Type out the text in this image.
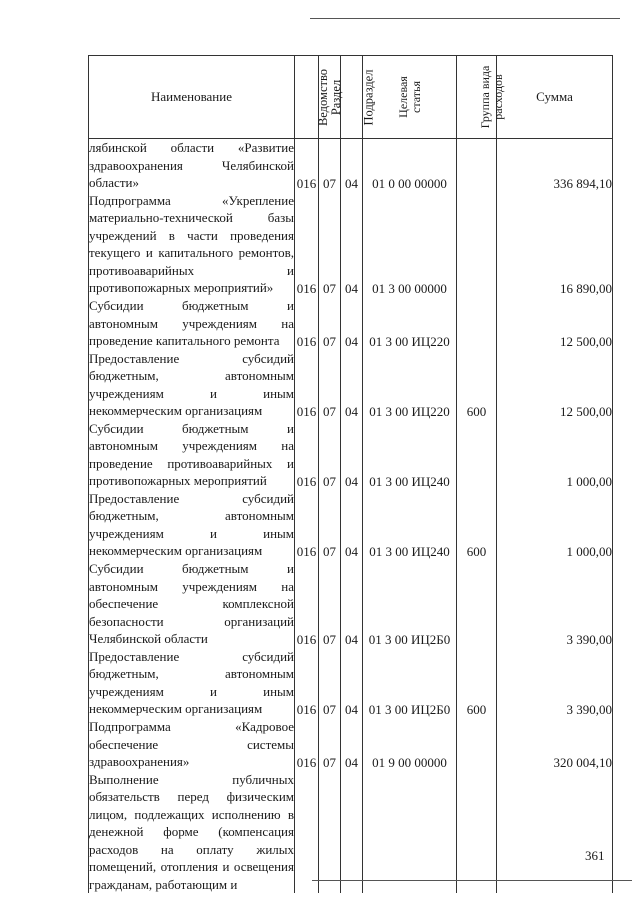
Наименование	Ведомство	Раздел	Подраздел	Целевая статья	Группа вида расходов	Сумма
лябинской области «Развитие здравоохранения Челябинской области»	016	07	04	01 0 00 00000		336 894,10
Подпрограмма «Укрепление материально-технической базы учреждений в части проведения текущего и капитального ремонтов, противоаварийных и противопожарных мероприятий»	016	07	04	01 3 00 00000		16 890,00
Субсидии бюджетным и автономным учреждениям на проведение капитального ремонта	016	07	04	01 3 00 ИЦ220		12 500,00
Предоставление субсидий бюджетным, автономным учреждениям и иным некоммерческим организациям	016	07	04	01 3 00 ИЦ220	600	12 500,00
Субсидии бюджетным и автономным учреждениям на проведение противоаварийных и противопожарных мероприятий	016	07	04	01 3 00 ИЦ240		1 000,00
Предоставление субсидий бюджетным, автономным учреждениям и иным некоммерческим организациям	016	07	04	01 3 00 ИЦ240	600	1 000,00
Субсидии бюджетным и автономным учреждениям на обеспечение комплексной безопасности организаций Челябинской области	016	07	04	01 3 00 ИЦ2Б0		3 390,00
Предоставление субсидий бюджетным, автономным учреждениям и иным некоммерческим организациям	016	07	04	01 3 00 ИЦ2Б0	600	3 390,00
Подпрограмма «Кадровое обеспечение системы здравоохранения»	016	07	04	01 9 00 00000		320 004,10
Выполнение публичных обязательств перед физическим лицом, подлежащих исполнению в денежной форме (компенсация расходов на оплату жилых помещений, отопления и освещения гражданам, работающим и						
361
